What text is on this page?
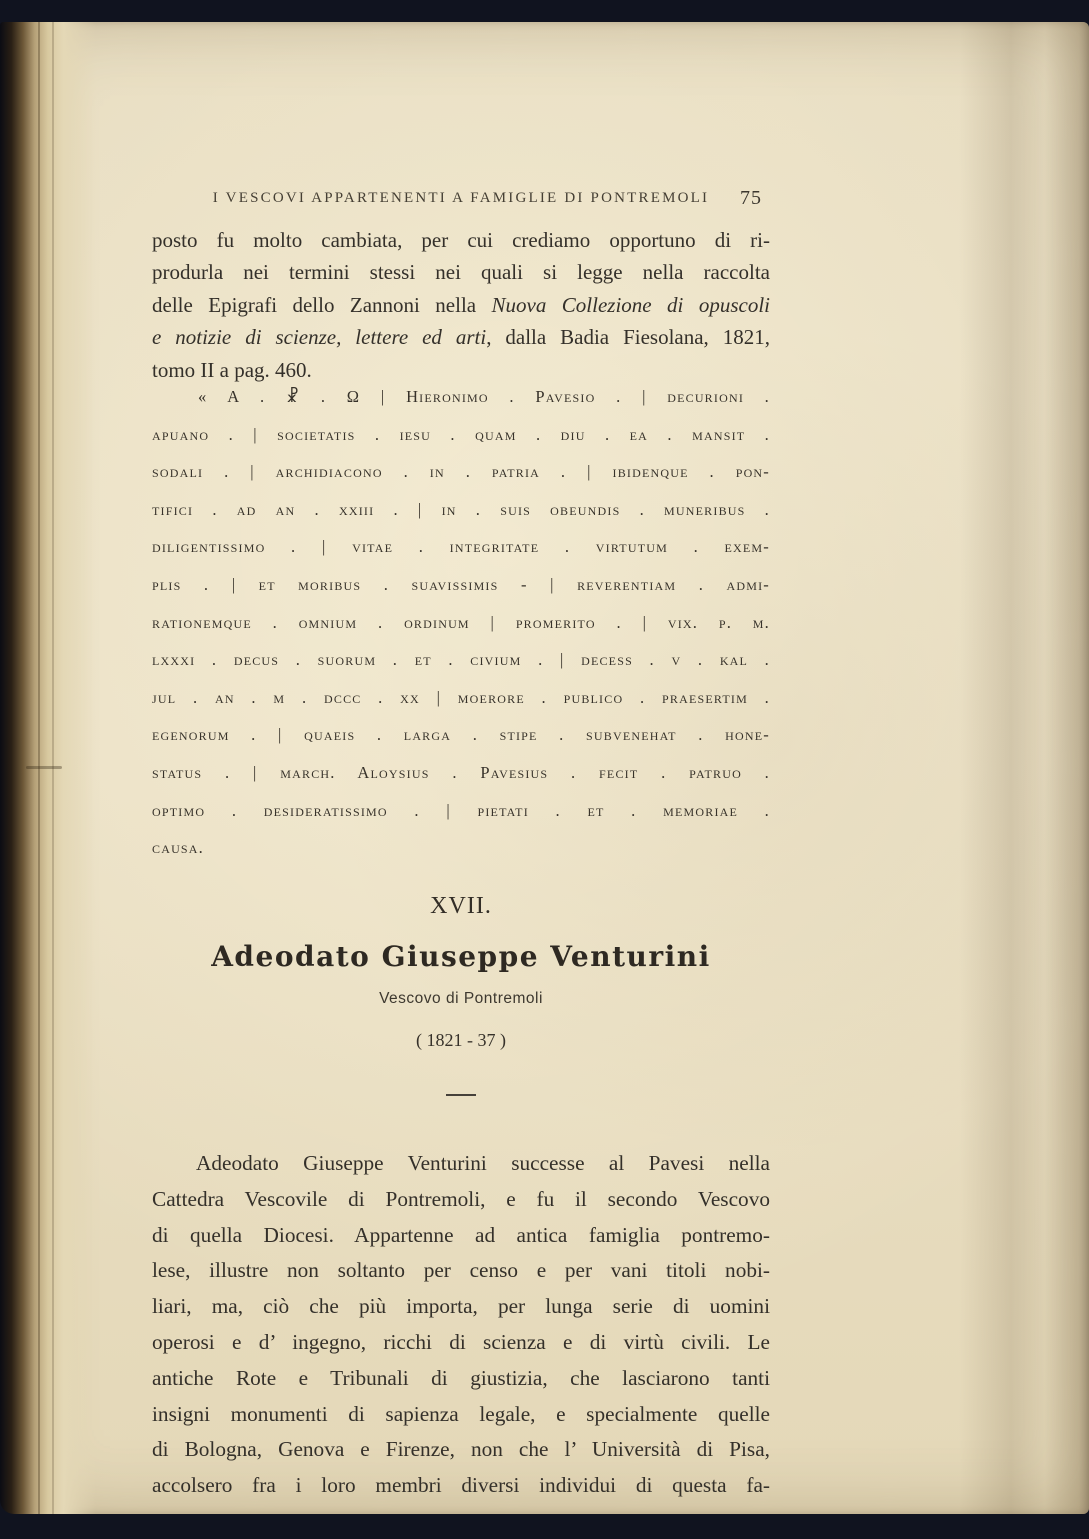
I VESCOVI APPARTENENTI A FAMIGLIE DI PONTREMOLI 75
posto fu molto cambiata, per cui crediamo opportuno di ri-
produrla nei termini stessi nei quali si legge nella raccolta
delle Epigrafi dello Zannoni nella Nuova Collezione di opuscoli
e notizie di scienze, lettere ed arti, dalla Badia Fiesolana, 1821,
tomo II a pag. 460.
« A . ☧ . Ω | Hieronimo . Pavesio . | decurioni .
apuano . | societatis . iesu . quam . diu . ea . mansit .
sodali . | archidiacono . in . patria . | ibidenque . pon-
tifici . ad an . xxiii . | in . suis obeundis . muneribus .
diligentissimo . | vitae . integritate . virtutum . exem-
plis . | et moribus . suavissimis - | reverentiam . admi-
rationemque . omnium . ordinum | promerito . | vix. p. m.
lxxxi . decus . suorum . et . civium . | decess . v . kal .
jul . an . m . dccc . xx | moerore . publico . praesertim .
egenorum . | quaeis . larga . stipe . subvenehat . hone-
status . | march. Aloysius . Pavesius . fecit . patruo .
optimo . desideratissimo . | pietati . et . memoriae .
causa.
XVII.
Adeodato Giuseppe Venturini
Vescovo di Pontremoli
( 1821 - 37 )
Adeodato Giuseppe Venturini successe al Pavesi nella
Cattedra Vescovile di Pontremoli, e fu il secondo Vescovo
di quella Diocesi. Appartenne ad antica famiglia pontremo-
lese, illustre non soltanto per censo e per vani titoli nobi-
liari, ma, ciò che più importa, per lunga serie di uomini
operosi e d’ ingegno, ricchi di scienza e di virtù civili. Le
antiche Rote e Tribunali di giustizia, che lasciarono tanti
insigni monumenti di sapienza legale, e specialmente quelle
di Bologna, Genova e Firenze, non che l’ Università di Pisa,
accolsero fra i loro membri diversi individui di questa fa-
